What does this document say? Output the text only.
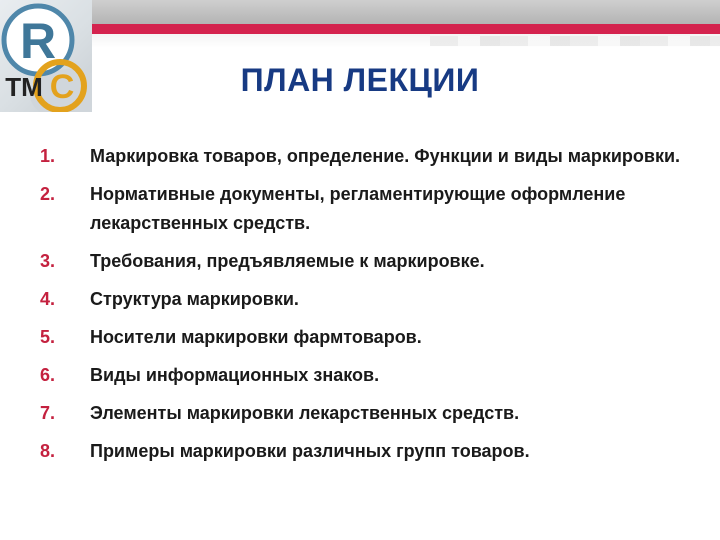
R
C
TM	ПЛАН ЛЕКЦИИ
1.	Маркировка товаров, определение. Функции и виды маркировки.
2.	Нормативные документы, регламентирующие оформление лекарственных средств.
3.	Требования, предъявляемые к маркировке.
4.	Структура маркировки.
5.	Носители маркировки фармтоваров.
6.	Виды информационных знаков.
7.	Элементы маркировки лекарственных средств.
8.	Примеры маркировки различных групп товаров.
